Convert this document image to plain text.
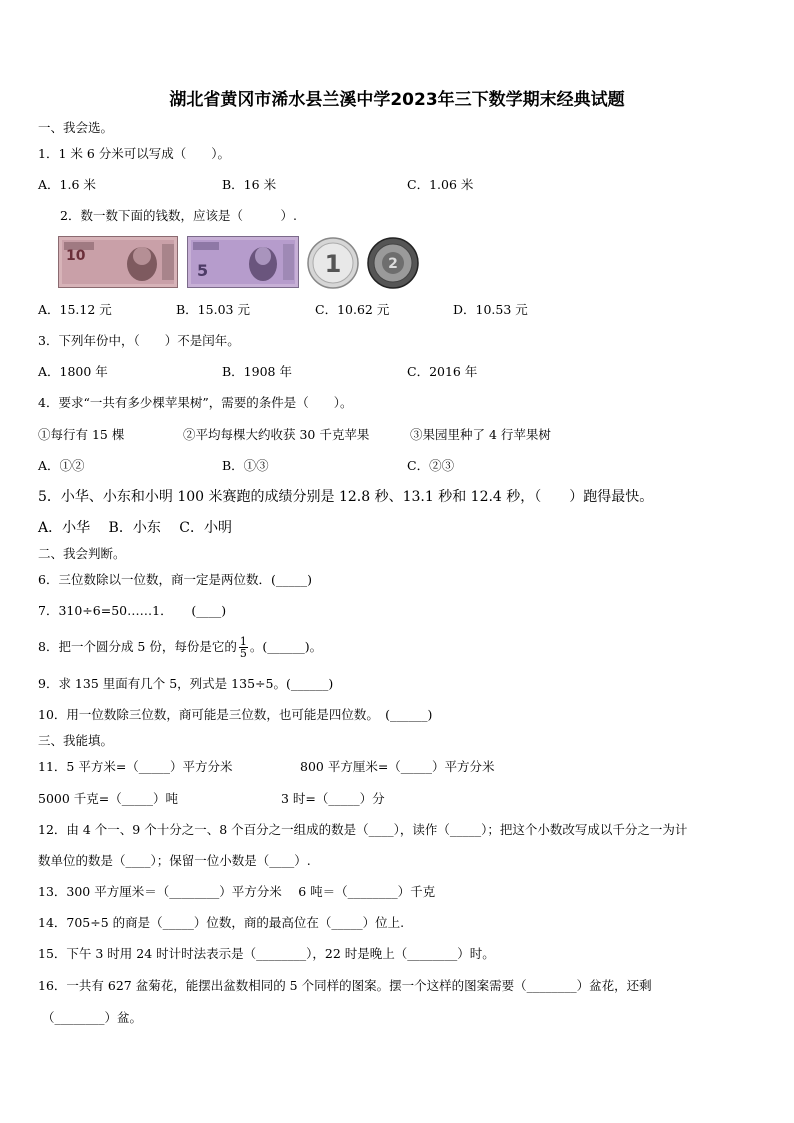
湖北省黄冈市浠水县兰溪中学2023年三下数学期末经典试题
一、我会选。
1．1 米 6 分米可以写成（　　）。
A．1.6 米	B．16 米	C．1.06 米
2．数一数下面的钱数，应该是（　　　）.
10
5	1	2
A．15.12 元	B．15.03 元	C．10.62 元	D．10.53 元
3．下列年份中，（　　）不是闰年。
A．1800 年	B．1908 年	C．2016 年
4．要求“一共有多少棵苹果树”，需要的条件是（　　）。
①每行有 15 棵	②平均每棵大约收获 30 千克苹果	③果园里种了 4 行苹果树
A．①②	B．①③	C．②③
5．小华、小东和小明 100 米赛跑的成绩分别是 12.8 秒、13.1 秒和 12.4 秒，（　　）跑得最快。
A．小华　 B．小东　 C．小明
二、我会判断。
6．三位数除以一位数，商一定是两位数．(_____)
7．310÷6=50……1．　　(____)
8．把一个圆分成 5 份，每份是它的 $\frac{1}{5}$ 。(______)。
9．求 135 里面有几个 5，列式是 135÷5。(______)
10．用一位数除三位数，商可能是三位数，也可能是四位数。　(______)
三、我能填。
11．5 平方米=（_____）平方分米	800 平方厘米=（_____）平方分米
5000 千克=（_____）吨	3 时=（_____）分
12．由 4 个一、9 个十分之一、8 个百分之一组成的数是（____），读作（_____）；把这个小数改写成以千分之一为计
数单位的数是（____）；保留一位小数是（____）.
13．300 平方厘米＝（________）平方分米　 6 吨＝（________）千克
14．705÷5 的商是（_____）位数，商的最高位在（_____）位上.
15．下午 3 时用 24 时计时法表示是（________），22 时是晚上（________）时。
16．一共有 627 盆菊花，能摆出盆数相同的 5 个同样的图案。摆一个这样的图案需要（________）盆花，还剩
（________）盆。
